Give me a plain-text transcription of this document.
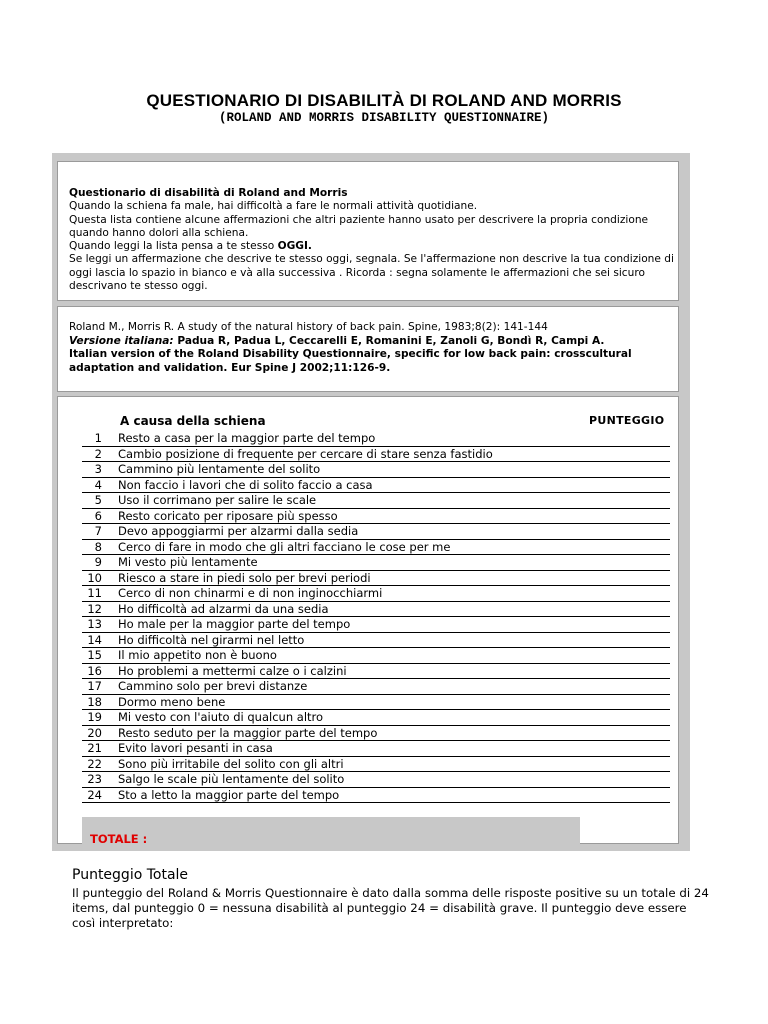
QUESTIONARIO DI DISABILITÀ DI ROLAND AND MORRIS
(ROLAND AND MORRIS DISABILITY QUESTIONNAIRE)
Questionario di disabilità di Roland and Morris
Quando la schiena fa male, hai difficoltà a fare le normali attività quotidiane.
Questa lista contiene alcune affermazioni che altri paziente hanno usato per descrivere la propria condizione quando hanno dolori alla schiena.
Quando leggi la lista pensa a te stesso OGGI.
Se leggi un affermazione che descrive te stesso oggi, segnala. Se l'affermazione non descrive la tua condizione di oggi lascia lo spazio in bianco e và alla successiva . Ricorda : segna solamente le affermazioni che sei sicuro descrivano te stesso oggi.
Roland M., Morris R. A study of the natural history of back pain. Spine, 1983;8(2): 141-144
Versione italiana: Padua R, Padua L, Ceccarelli E, Romanini E, Zanoli G, Bondì R, Campi A.
Italian version of the Roland Disability Questionnaire, specific for low back pain: crosscultural adaptation and validation. Eur Spine J 2002;11:126-9.
A causa della schiena	PUNTEGGIO
1 Resto a casa per la maggior parte del tempo
2 Cambio posizione di frequente per cercare di stare senza fastidio
3 Cammino più lentamente del solito
4 Non faccio i lavori che di solito faccio a casa
5 Uso il corrimano per salire le scale
6 Resto coricato per riposare più spesso
7 Devo appoggiarmi per alzarmi dalla sedia
8 Cerco di fare in modo che gli altri facciano le cose per me
9 Mi vesto più lentamente
10 Riesco a stare in piedi solo per brevi periodi
11 Cerco di non chinarmi e di non inginocchiarmi
12 Ho difficoltà ad alzarmi da una sedia
13 Ho male per la maggior parte del tempo
14 Ho difficoltà nel girarmi nel letto
15 Il mio appetito non è buono
16 Ho problemi a mettermi calze o i calzini
17 Cammino solo per brevi distanze
18 Dormo meno bene
19 Mi vesto con l'aiuto di qualcun altro
20 Resto seduto per la maggior parte del tempo
21 Evito lavori pesanti in casa
22 Sono più irritabile del solito con gli altri
23 Salgo le scale più lentamente del solito
24 Sto a letto la maggior parte del tempo
TOTALE :
Punteggio Totale
Il punteggio del Roland & Morris Questionnaire è dato dalla somma delle risposte positive su un totale di 24 items, dal punteggio 0 = nessuna disabilità al punteggio 24 = disabilità grave. Il punteggio deve essere così interpretato:
